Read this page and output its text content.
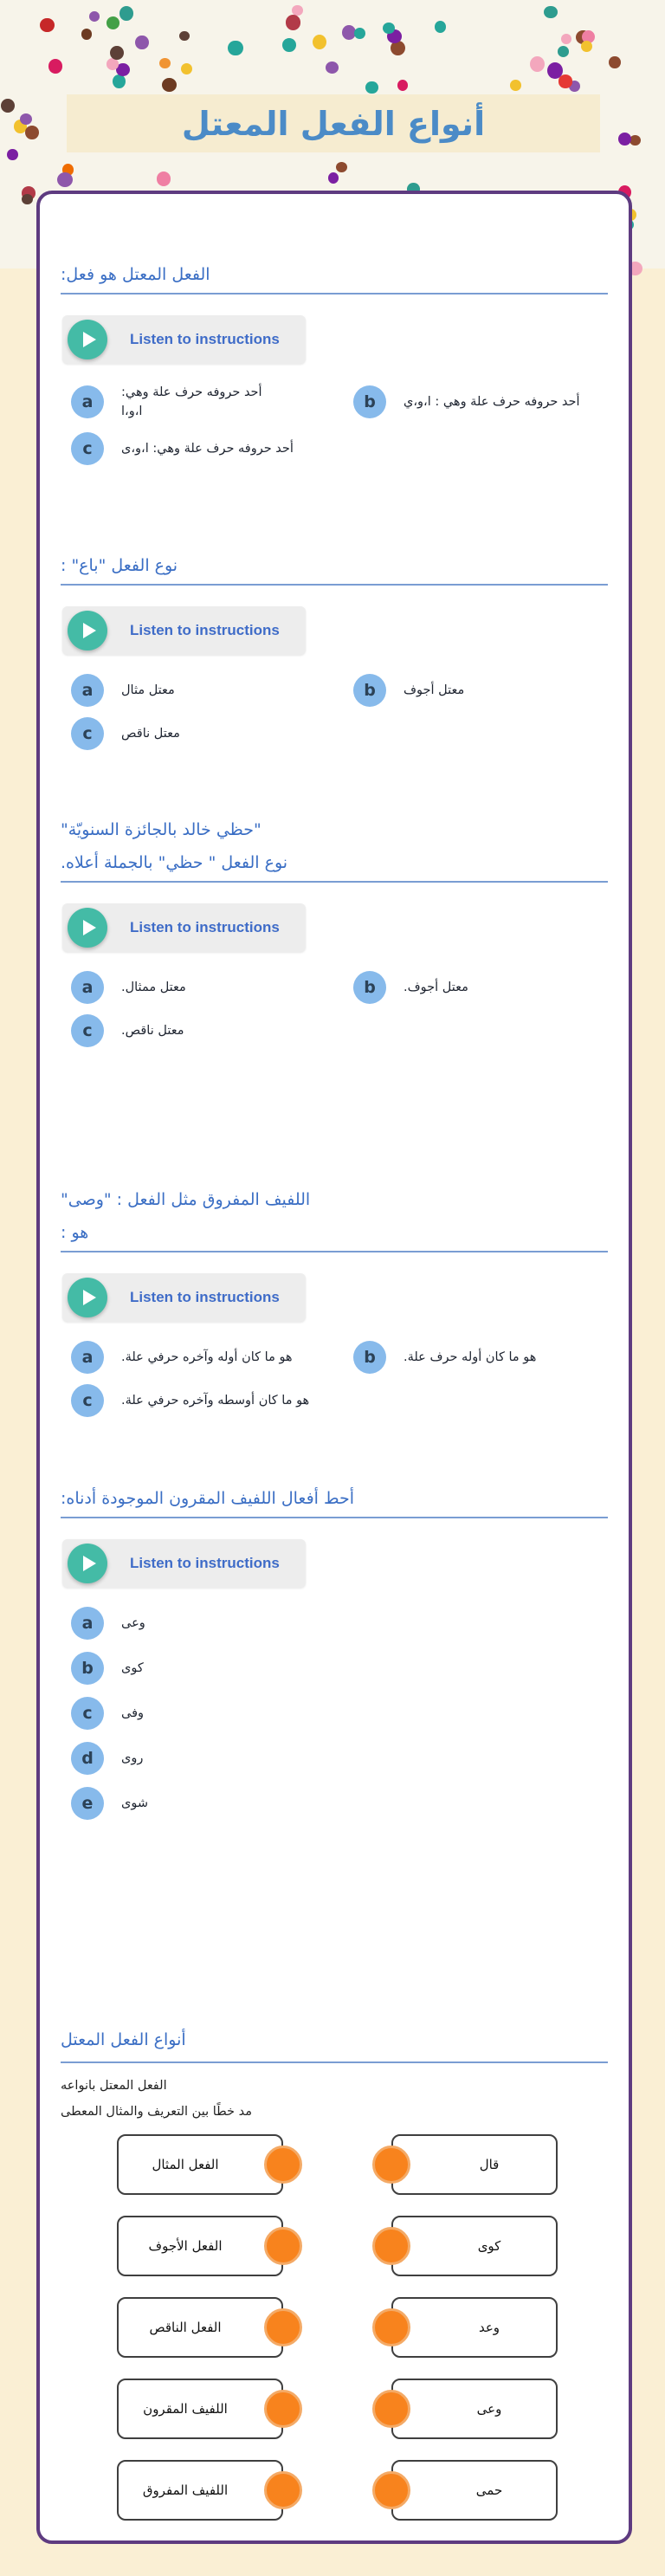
أنواع الفعل المعتل
الفعل المعتل هو فعل:
Listen to instructions
a
أحد حروفه حرف علة وهي: ا،و،ا	b	أحد حروفه حرف علة وهي : ا،و،ي
c	أحد حروفه حرف علة وهي: ا،و،ى
نوع الفعل "باع" :
Listen to instructions
a	معتل مثال	b	معتل أجوف
c	معتل ناقص
"حظي خالد بالجائزة السنويّة"
نوع الفعل " حظي" بالجملة أعلاه.
Listen to instructions
a	معتل ممثال.	b	معتل أجوف.
c	معتل ناقص.
اللفيف المفروق مثل الفعل : "وصى"
هو :
Listen to instructions
a	هو ما كان أوله وآخره حرفي علة.	b	هو ما كان أوله حرف علة.
c	هو ما كان أوسطه وآخره حرفي علة.
أحط أفعال اللفيف المقرون الموجودة أدناه:
Listen to instructions
a	وعى
b	كوى
c	وفى
d	روى
e	شوى
أنواع الفعل المعتل
الفعل المعتل بانواعه
مد خطًا بين التعريف والمثال المعطى
الفعل المثال	قال
الفعل الأجوف	كوى
الفعل الناقص	وعد
اللفيف المقرون	وعى
اللفيف المفروق	حمى
